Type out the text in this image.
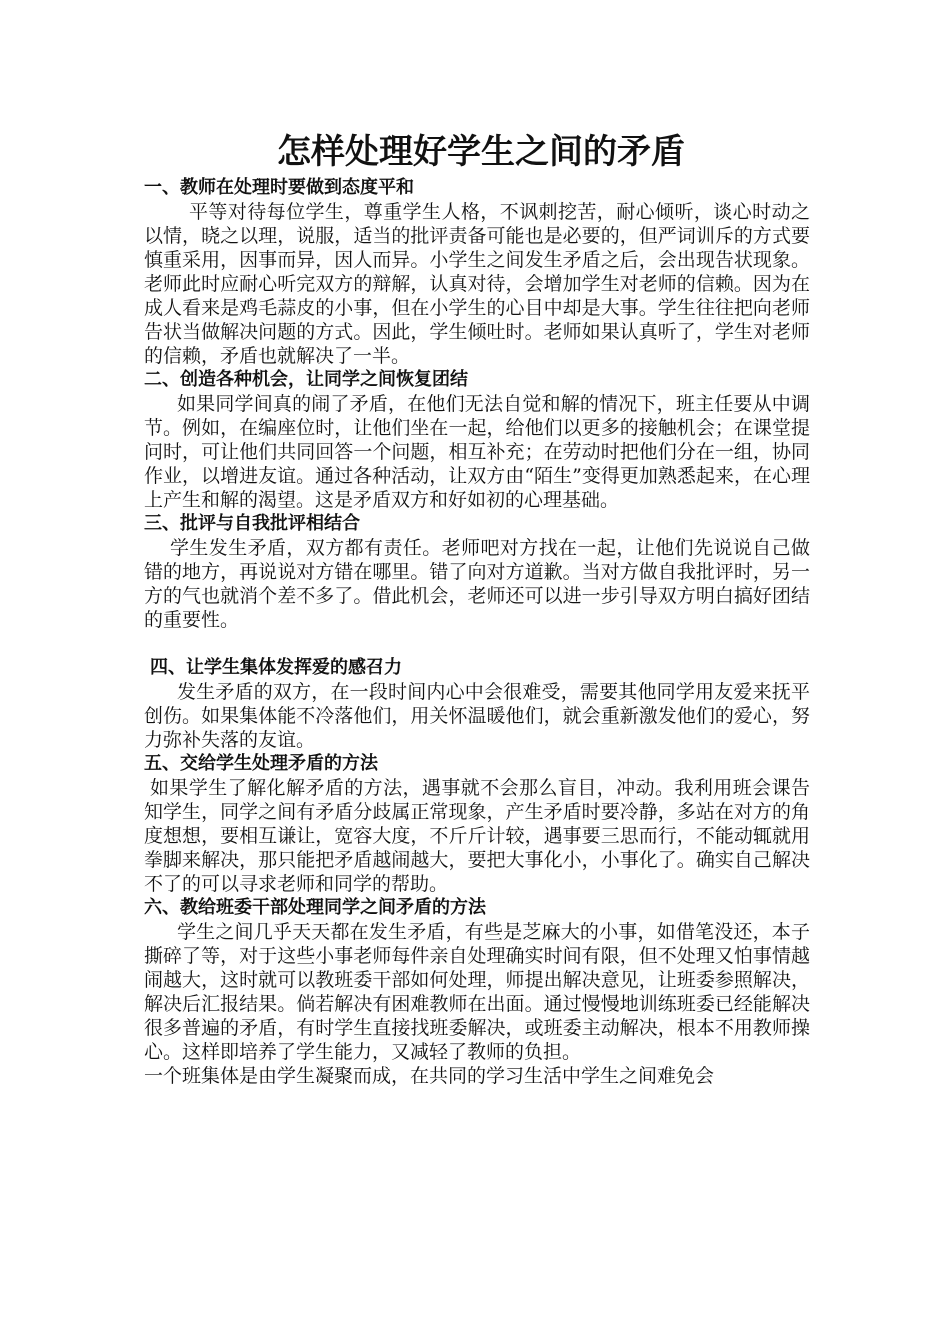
怎样处理好学生之间的矛盾
一、教师在处理时要做到态度平和

平等对待每位学生，尊重学生人格，不讽刺挖苦，耐心倾听，谈心时动之以情，晓之以理，说服，适当的批评责备可能也是必要的，但严词训斥的方式要慎重采用，因事而异，因人而异。小学生之间发生矛盾之后，会出现告状现象。老师此时应耐心听完双方的辩解，认真对待，会增加学生对老师的信赖。因为在成人看来是鸡毛蒜皮的小事，但在小学生的心目中却是大事。学生往往把向老师告状当做解决问题的方式。因此，学生倾吐时。老师如果认真听了，学生对老师的信赖，矛盾也就解决了一半。

二、创造各种机会，让同学之间恢复团结

如果同学间真的闹了矛盾，在他们无法自觉和解的情况下，班主任要从中调节。例如，在编座位时，让他们坐在一起，给他们以更多的接触机会；在课堂提问时，可让他们共同回答一个问题，相互补充；在劳动时把他们分在一组，协同作业，以增进友谊。通过各种活动，让双方由“陌生”变得更加熟悉起来，在心理上产生和解的渴望。这是矛盾双方和好如初的心理基础。

三、批评与自我批评相结合

学生发生矛盾，双方都有责任。老师吧对方找在一起，让他们先说说自己做错的地方，再说说对方错在哪里。错了向对方道歉。当对方做自我批评时，另一方的气也就消个差不多了。借此机会，老师还可以进一步引导双方明白搞好团结的重要性。

四、让学生集体发挥爱的感召力

发生矛盾的双方，在一段时间内心中会很难受，需要其他同学用友爱来抚平创伤。如果集体能不冷落他们，用关怀温暖他们，就会重新激发他们的爱心，努力弥补失落的友谊。

五、交给学生处理矛盾的方法

如果学生了解化解矛盾的方法，遇事就不会那么盲目，冲动。我利用班会课告知学生，同学之间有矛盾分歧属正常现象，产生矛盾时要冷静，多站在对方的角度想想，要相互谦让，宽容大度，不斤斤计较，遇事要三思而行，不能动辄就用拳脚来解决，那只能把矛盾越闹越大，要把大事化小，小事化了。确实自己解决不了的可以寻求老师和同学的帮助。

六、教给班委干部处理同学之间矛盾的方法

学生之间几乎天天都在发生矛盾，有些是芝麻大的小事，如借笔没还，本子撕碎了等，对于这些小事老师每件亲自处理确实时间有限，但不处理又怕事情越闹越大，这时就可以教班委干部如何处理，师提出解决意见，让班委参照解决，解决后汇报结果。倘若解决有困难教师在出面。通过慢慢地训练班委已经能解决很多普遍的矛盾，有时学生直接找班委解决，或班委主动解决，根本不用教师操心。这样即培养了学生能力，又减轻了教师的负担。

一个班集体是由学生凝聚而成，在共同的学习生活中学生之间难免会
